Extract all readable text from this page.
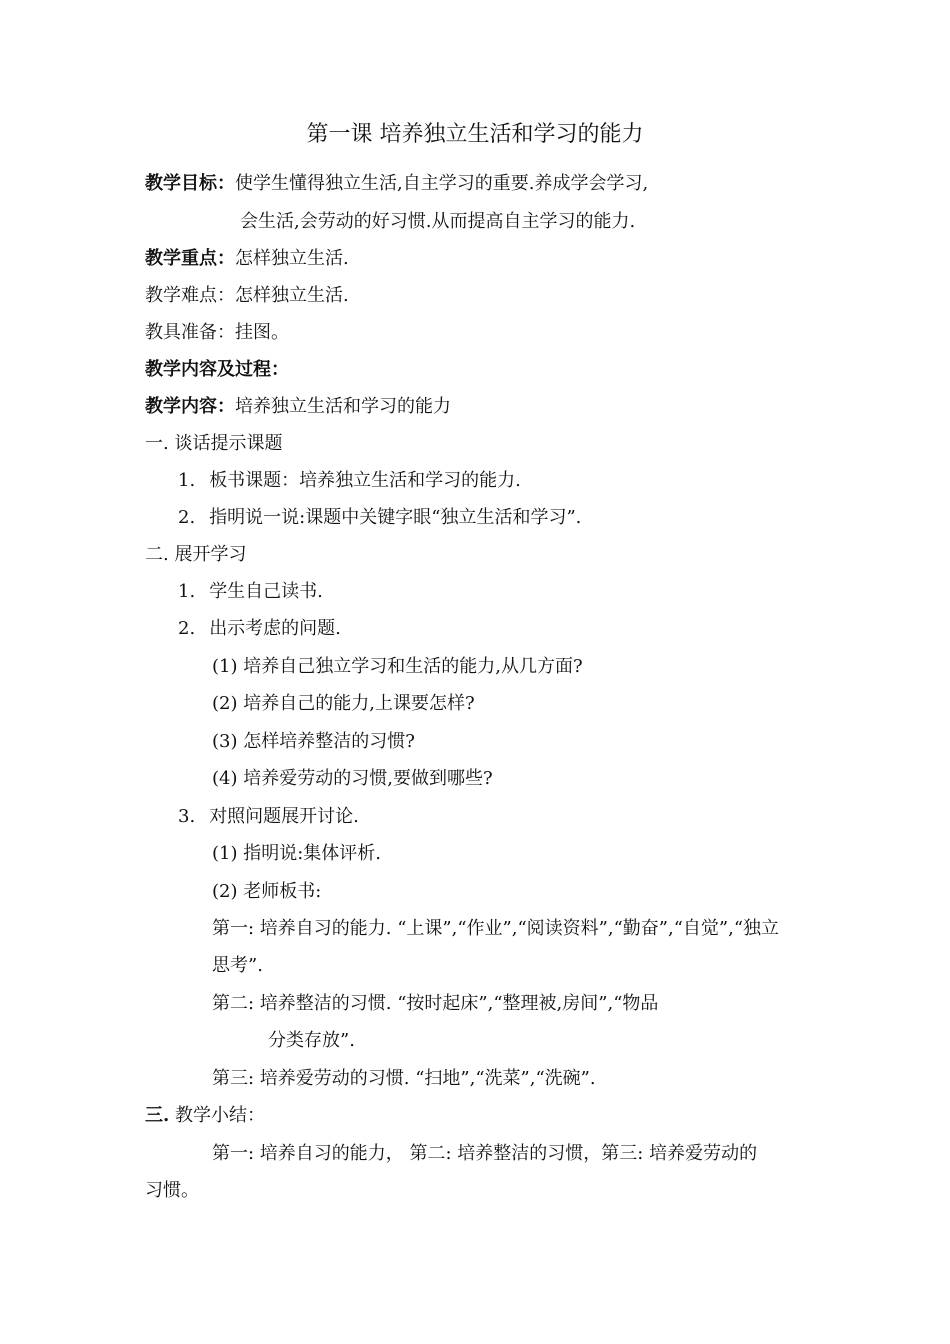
第一课 培养独立生活和学习的能力
教学目标：使学生懂得独立生活,自主学习的重要.养成学会学习,
会生活,会劳动的好习惯.从而提高自主学习的能力.
教学重点：怎样独立生活.
教学难点：怎样独立生活.
教具准备：挂图。
教学内容及过程：
教学内容：培养独立生活和学习的能力
一. 谈话提示课题
1. 板书课题：培养独立生活和学习的能力.
2. 指明说一说:课题中关键字眼“独立生活和学习”.
二. 展开学习
1. 学生自己读书.
2. 出示考虑的问题.
(1) 培养自己独立学习和生活的能力,从几方面?
(2) 培养自己的能力,上课要怎样?
(3) 怎样培养整洁的习惯?
(4) 培养爱劳动的习惯,要做到哪些?
3. 对照问题展开讨论.
(1) 指明说:集体评析.
(2) 老师板书:
第一: 培养自习的能力. “上课”,“作业”,“阅读资料”,“勤奋”,“自觉”,“独立
思考”.
第二: 培养整洁的习惯. “按时起床”,“整理被,房间”,“物品
分类存放”.
第三: 培养爱劳动的习惯. “扫地”,“洗菜”,“洗碗”.
三. 教学小结：
第一: 培养自习的能力， 第二: 培养整洁的习惯，第三: 培养爱劳动的
习惯。
